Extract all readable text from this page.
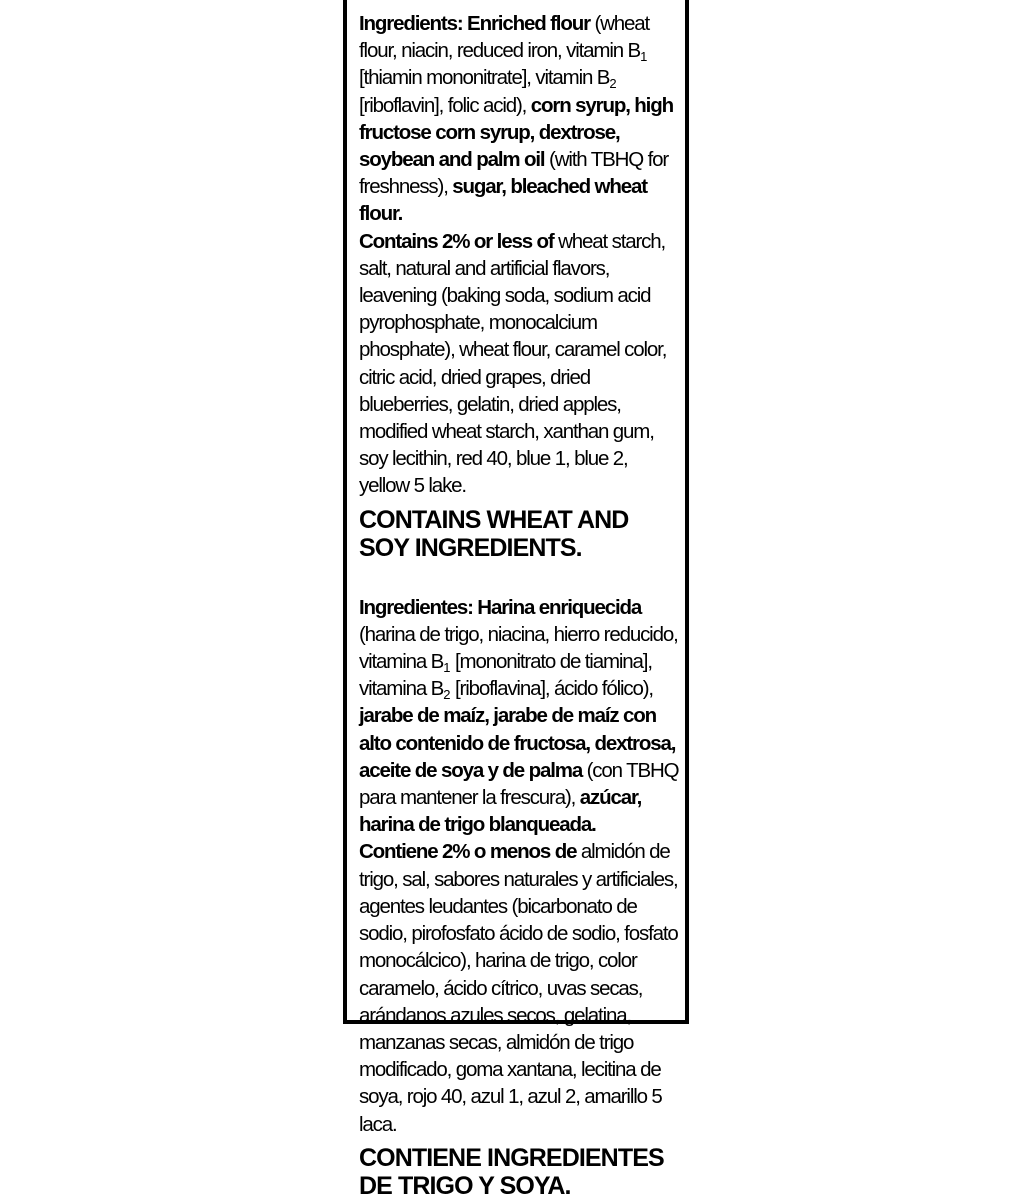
Ingredients: Enriched flour (wheat flour, niacin, reduced iron, vitamin $B_1$ [thiamin mononitrate], vitamin $B_2$ [riboflavin], folic acid), corn syrup, high fructose corn syrup, dextrose, soybean and palm oil (with TBHQ for freshness), sugar, bleached wheat flour.

Contains 2% or less of wheat starch, salt, natural and artificial flavors, leavening (baking soda, sodium acid pyrophosphate, monocalcium phosphate), wheat flour, caramel color, citric acid, dried grapes, dried blueberries, gelatin, dried apples, modified wheat starch, xanthan gum, soy lecithin, red 40, blue 1, blue 2, yellow 5 lake.

CONTAINS WHEAT AND SOY INGREDIENTS.

Ingredientes: Harina enriquecida (harina de trigo, niacina, hierro reducido, vitamina $B_1$ [mononitrato de tiamina], vitamina $B_2$ [riboflavina], ácido fólico), jarabe de maíz, jarabe de maíz con alto contenido de fructosa, dextrosa, aceite de soya y de palma (con TBHQ para mantener la frescura), azúcar, harina de trigo blanqueada.

Contiene 2% o menos de almidón de trigo, sal, sabores naturales y artificiales, agentes leudantes (bicarbonato de sodio, pirofosfato ácido de sodio, fosfato monocálcico), harina de trigo, color caramelo, ácido cítrico, uvas secas, arándanos azules secos, gelatina, manzanas secas, almidón de trigo modificado, goma xantana, lecitina de soya, rojo 40, azul 1, azul 2, amarillo 5 laca.

CONTIENE INGREDIENTES DE TRIGO Y SOYA.
